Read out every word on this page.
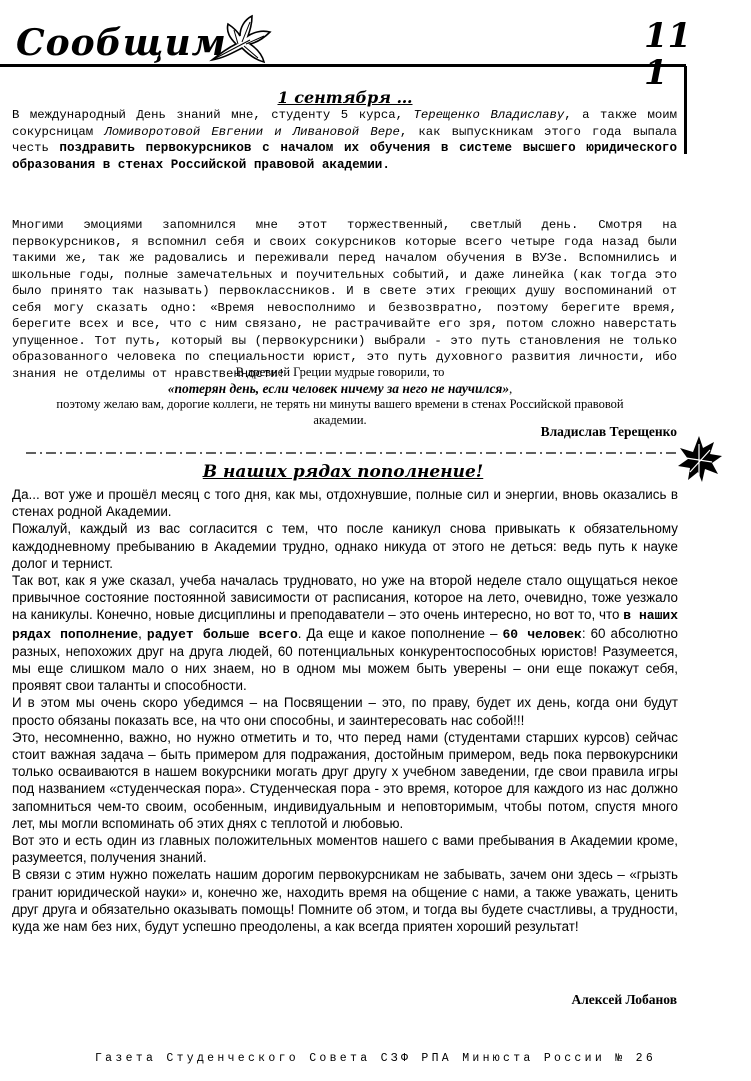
Сообщим	111
1 сентября …
В международный День знаний мне, студенту 5 курса, Терещенко Владиславу, а также моим сокурсницам Ломиворотовой Евгении и Ливановой Вере, как выпускникам этого года выпала честь поздравить первокурсников с началом их обучения в системе высшего юридического образования в стенах Российской правовой академии.
Многими эмоциями запомнился мне этот торжественный, светлый день. Смотря на первокурсников, я вспомнил себя и своих сокурсников которые всего четыре года назад были такими же, так же радовались и переживали перед началом обучения в ВУЗе. Вспомнились и школьные годы, полные замечательных и поучительных событий, и даже линейка (как тогда это было принято так называть) первоклассников. И в свете этих греющих душу воспоминаний от себя могу сказать одно: «Время невосполнимо и безвозвратно, поэтому берегите время, берегите всех и все, что с ним связано, не растрачивайте его зря, потом сложно наверстать упущенное. Тот путь, который вы (первокурсники) выбрали - это путь становления не только образованного человека по специальности юрист, это путь духовного развития личности, ибо знания не отделимы от нравственности!
В древней Греции мудрые говорили, то
«потерян день, если человек ничему за него не научился»,
поэтому желаю вам, дорогие коллеги, не терять ни минуты вашего времени в стенах Российской правовой академии.
Владислав Терещенко
В наших рядах пополнение!

Да... вот уже и прошёл месяц с того дня, как мы, отдохнувшие, полные сил и энергии, вновь оказались в стенах родной Академии.

Пожалуй, каждый из вас согласится с тем, что после каникул снова привыкать к обязательному каждодневному пребыванию в Академии трудно, однако никуда от этого не деться: ведь путь к науке долог и тернист.

Так вот, как я уже сказал, учеба началась трудновато, но уже на второй неделе стало ощущаться некое привычное состояние постоянной зависимости от расписания, которое на лето, очевидно, тоже уезжало на каникулы. Конечно, новые дисциплины и преподаватели – это очень интересно, но вот то, что в наших рядах пополнение, радует больше всего. Да еще и какое пополнение – 60 человек: 60 абсолютно разных, непохожих друг на друга людей, 60 потенциальных конкурентоспособных юристов! Разумеется, мы еще слишком мало о них знаем, но в одном мы можем быть уверены – они еще покажут себя, проявят свои таланты и способности.

И в этом мы очень скоро убедимся – на Посвящении – это, по праву, будет их день, когда они будут просто обязаны показать все, на что они способны, и заинтересовать нас собой!!!

Это, несомненно, важно, но нужно отметить и то, что перед нами (студентами старших курсов) сейчас стоит важная задача – быть примером для подражания, достойным примером, ведь пока первокурсники только осваиваются в нашем вокурсники могать друг другу х учебном заведении, где свои правила игры под названием «студенческая пора». Студенческая пора - это время, которое для каждого из нас должно запомниться чем-то своим, особенным, индивидуальным и неповторимым, чтобы потом, спустя много лет, мы могли вспоминать об этих днях с теплотой и любовью.

Вот это и есть один из главных положительных моментов нашего с вами пребывания в Академии кроме, разумеется, получения знаний.

В связи с этим нужно пожелать нашим дорогим первокурсникам не забывать, зачем они здесь – «грызть гранит юридической науки» и, конечно же, находить время на общение с нами, а также уважать, ценить друг друга и обязательно оказывать помощь! Помните об этом, и тогда вы будете счастливы, а трудности, куда же нам без них, будут успешно преодолены, а как всегда приятен хороший результат!

Алексей Лобанов
Газета Студенческого Совета СЗФ РПА Минюста России № 26
